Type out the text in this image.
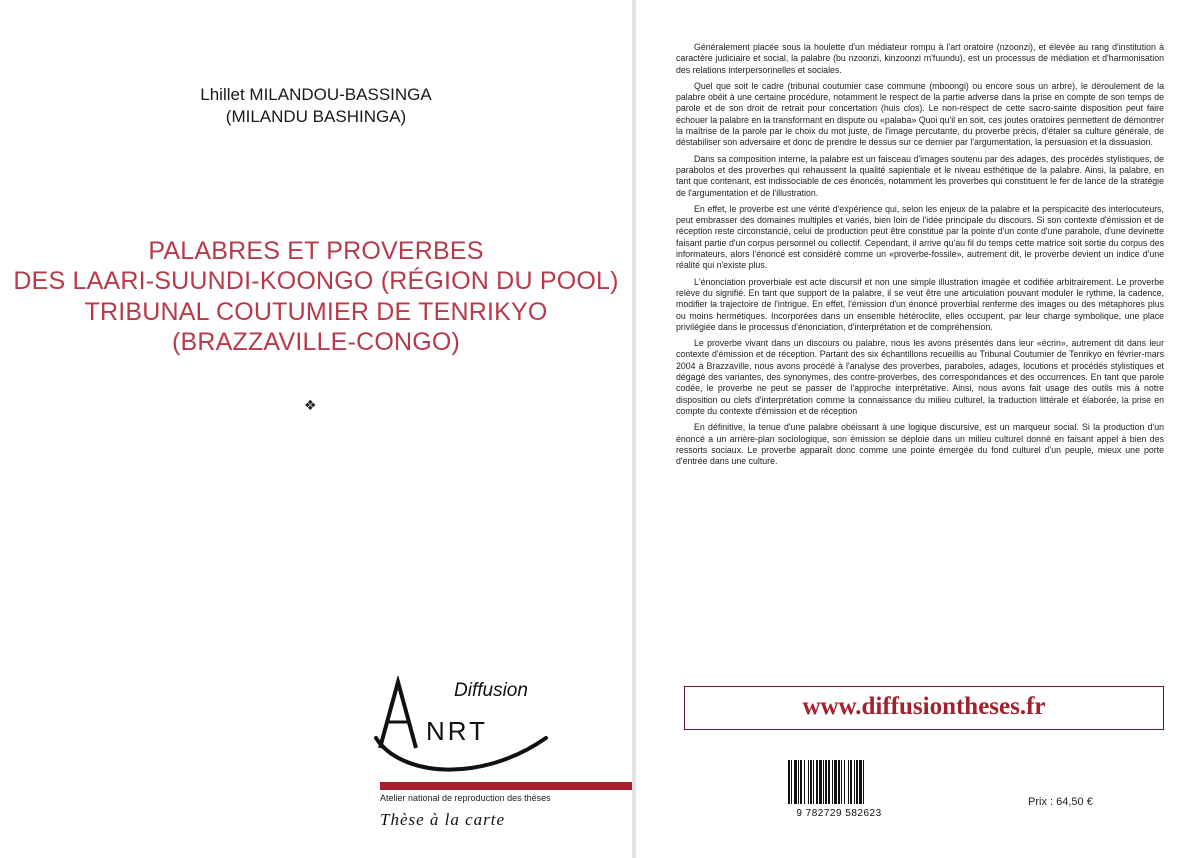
Lhillet MILANDOU-BASSINGA
(MILANDU BASHINGA)
PALABRES ET PROVERBES
DES LAARI-SUUNDI-KOONGO (RÉGION DU POOL)
TRIBUNAL COUTUMIER DE TENRIKYO
(BRAZZAVILLE-CONGO)
❖
Diffusion
NRT
Atelier national de reproduction des thèses
Thèse à la carte

Généralement placée sous la houlette d'un médiateur rompu à l'art oratoire (nzoonzi), et élevée au rang d'institution à caractère judiciaire et social, la palabre (bu nzoonzi, kinzoonzi m'fuundu), est un processus de médiation et d'harmonisation des relations interpersonnelles et sociales.

Quel que soit le cadre (tribunal coutumier case commune (mboongi) ou encore sous un arbre), le déroulement de la palabre obéit à une certaine procédure, notamment le respect de la partie adverse dans la prise en compte de son temps de parole et de son droit de retrait pour concertation (huis clos). Le non-respect de cette sacro-sainte disposition peut faire échouer la palabre en la transformant en dispute ou «palaba» Quoi qu'il en soit, ces joutes oratoires permettent de démontrer la maîtrise de la parole par le choix du mot juste, de l'image percutante, du proverbe précis, d'étaler sa culture générale, de déstabiliser son adversaire et donc de prendre le dessus sur ce dernier par l'argumentation, la persuasion et la dissuasion.

Dans sa composition interne, la palabre est un faisceau d'images soutenu par des adages, des procédés stylistiques, de parabolos et des proverbes qui rehaussent la qualité sapientiale et le niveau esthétique de la palabre. Ainsi, la palabre, en tant que contenant, est indissociable de ces énoncés, notamment les proverbes qui constituent le fer de lance de la stratégie de l'argumentation et de l'illustration.

En effet, le proverbe est une vérité d'expérience qui, selon les enjeux de la palabre et la perspicacité des interlocuteurs, peut embrasser des domaines multiples et variés, bien loin de l'idée principale du discours. Si son contexte d'émission et de réception reste circonstancié, celui de production peut être constitué par la pointe d'un conte d'une parabole, d'une devinette faisant partie d'un corpus personnel ou collectif. Cependant, il arrive qu'au fil du temps cette matrice soit sortie du corpus des informateurs, alors l'énoncé est considéré comme un «proverbe-fossile», autrement dit, le proverbe devient un indice d'une réalité qui n'existe plus.

L'énonciation proverbiale est acte discursif et non une simple illustration imagée et codifiée arbitrairement. Le proverbe relève du signifié. En tant que support de la palabre, il se veut être une articulation pouvant moduler le rythme, la cadence, modifier la trajectoire de l'intrigue. En effet, l'émission d'un énoncé proverbial renferme des images ou des métaphores plus ou moins hermétiques. Incorporées dans un ensemble hétéroclite, elles occupent, par leur charge symbolique, une place privilégiée dans le processus d'énonciation, d'interprétation et de compréhension.

Le proverbe vivant dans un discours ou palabre, nous les avons présentés dans leur «écrin», autrement dit dans leur contexte d'émission et de réception. Partant des six échantillons recueillis au Tribunal Coutumier de Tenrikyo en février-mars 2004 à Brazzaville, nous avons procédé à l'analyse des proverbes, paraboles, adages, locutions et procédés stylistiques et dégagé des variantes, des synonymes, des contre-proverbes, des correspondances et des occurrences. En tant que parole codée, le proverbe ne peut se passer de l'approche interprétative. Ainsi, nous avons fait usage des outils mis à notre disposition ou clefs d'interprétation comme la connaissance du milieu culturel, la traduction littérale et élaborée, la prise en compte du contexte d'émission et de réception

En définitive, la tenue d'une palabre obéissant à une logique discursive, est un marqueur social. Si la production d'un énoncé a un arrière-plan sociologique, son émission se déploie dans un milieu culturel donné en faisant appel à bien des ressorts sociaux. Le proverbe apparaît donc comme une pointe émergée du fond culturel d'un peuple, mieux une porte d'entrée dans une culture.

www.diffusiontheses.fr
9 782729 582623
Prix : 64,50 €
